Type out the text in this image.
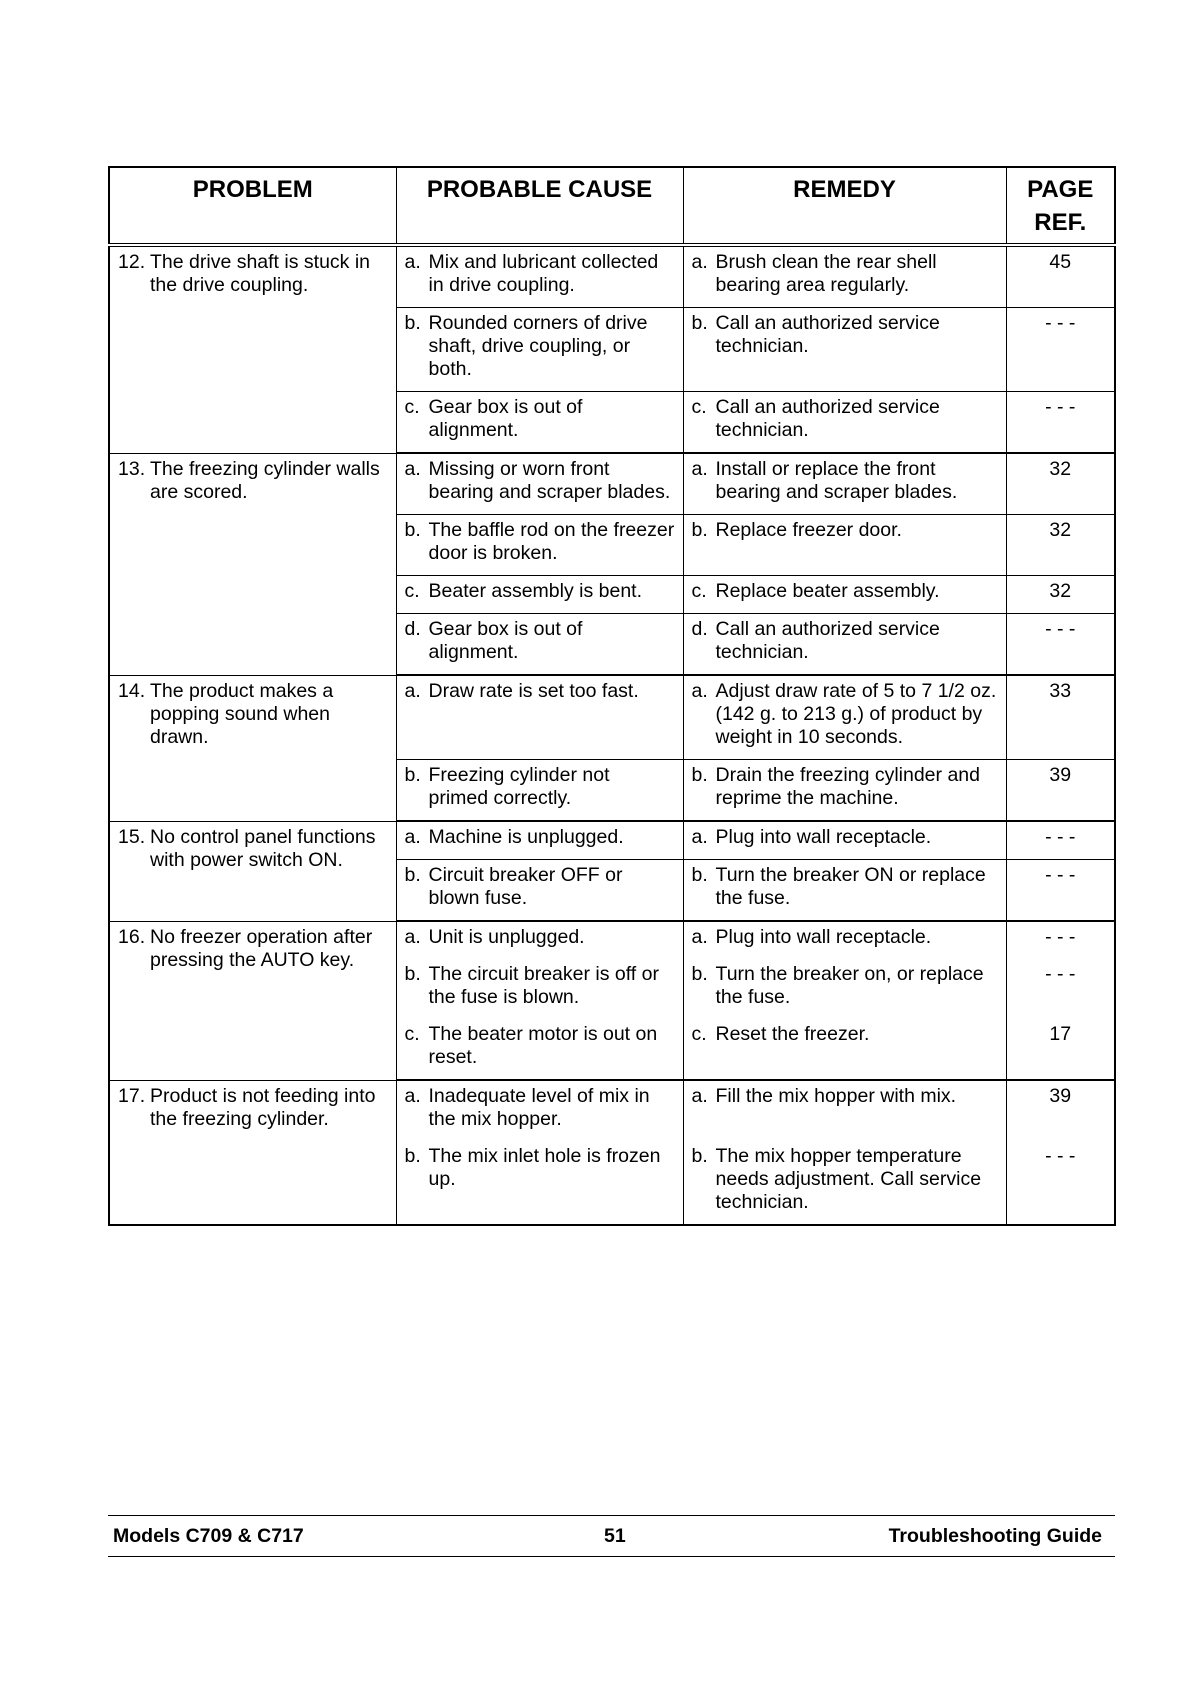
PROBLEM	PROBABLE CAUSE	REMEDY	PAGE REF.

12. The drive shaft is stuck in the drive coupling.	a. Mix and lubricant collected in drive coupling.	a. Brush clean the rear shell bearing area regularly.	45

	b. Rounded corners of drive shaft, drive coupling, or both.	b. Call an authorized service technician.	- - -

	c. Gear box is out of alignment.	c. Call an authorized service technician.	- - -

13. The freezing cylinder walls are scored.	a. Missing or worn front bearing and scraper blades.	a. Install or replace the front bearing and scraper blades.	32

	b. The baffle rod on the freezer door is broken.	b. Replace freezer door.	32

	c. Beater assembly is bent.	c. Replace beater assembly.	32

	d. Gear box is out of alignment.	d. Call an authorized service technician.	- - -

14. The product makes a popping sound when drawn.	a. Draw rate is set too fast.	a. Adjust draw rate of 5 to 7 1/2 oz. (142 g. to 213 g.) of product by weight in 10 seconds.	33

	b. Freezing cylinder not primed correctly.	b. Drain the freezing cylinder and reprime the machine.	39

15. No control panel functions with power switch ON.	a. Machine is unplugged.	a. Plug into wall receptacle.	- - -

	b. Circuit breaker OFF or blown fuse.	b. Turn the breaker ON or replace the fuse.	- - -

16. No freezer operation after pressing the AUTO key.	a. Unit is unplugged.	a. Plug into wall receptacle.	- - -

	b. The circuit breaker is off or the fuse is blown.	b. Turn the breaker on, or replace the fuse.	- - -

	c. The beater motor is out on reset.	c. Reset the freezer.	17

17. Product is not feeding into the freezing cylinder.	a. Inadequate level of mix in the mix hopper.	a. Fill the mix hopper with mix.	39

	b. The mix inlet hole is frozen up.	b. The mix hopper temperature needs adjustment. Call service technician.	- - -
Models C709 & C717	51	Troubleshooting Guide
